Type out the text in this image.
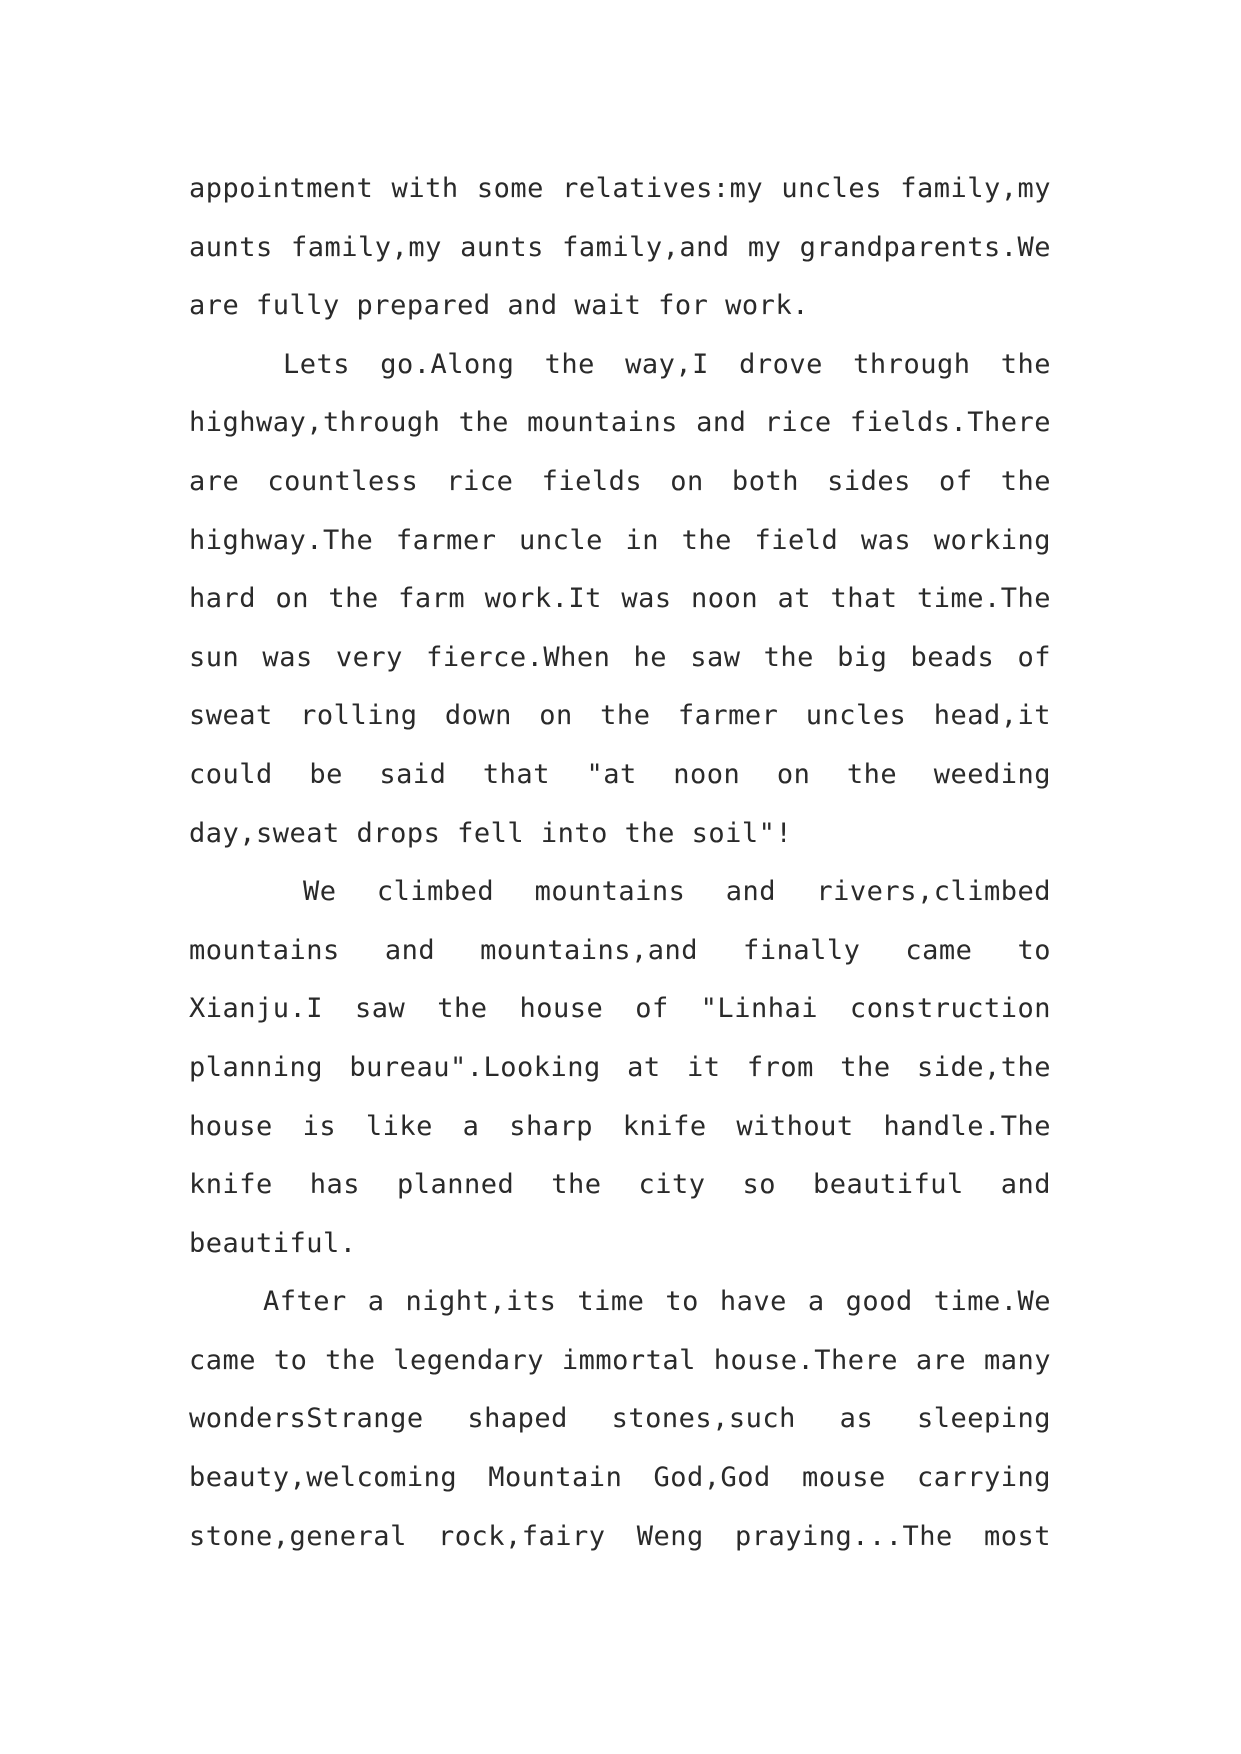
appointment with some relatives:my uncles family,my
aunts family,my aunts family,and my grandparents.We
are fully prepared and wait for work.
Lets go.Along the way,I drove through the
highway,through the mountains and rice fields.There
are countless rice fields on both sides of the
highway.The farmer uncle in the field was working
hard on the farm work.It was noon at that time.The
sun was very fierce.When he saw the big beads of
sweat rolling down on the farmer uncles head,it
could be said that "at noon on the weeding
day,sweat drops fell into the soil"!
We climbed mountains and rivers,climbed
mountains and mountains,and finally came to
Xianju.I saw the house of "Linhai construction
planning bureau".Looking at it from the side,the
house is like a sharp knife without handle.The
knife has planned the city so beautiful and
beautiful.
After a night,its time to have a good time.We
came to the legendary immortal house.There are many
wondersStrange shaped stones,such as sleeping
beauty,welcoming Mountain God,God mouse carrying
stone,general rock,fairy Weng praying...The most
